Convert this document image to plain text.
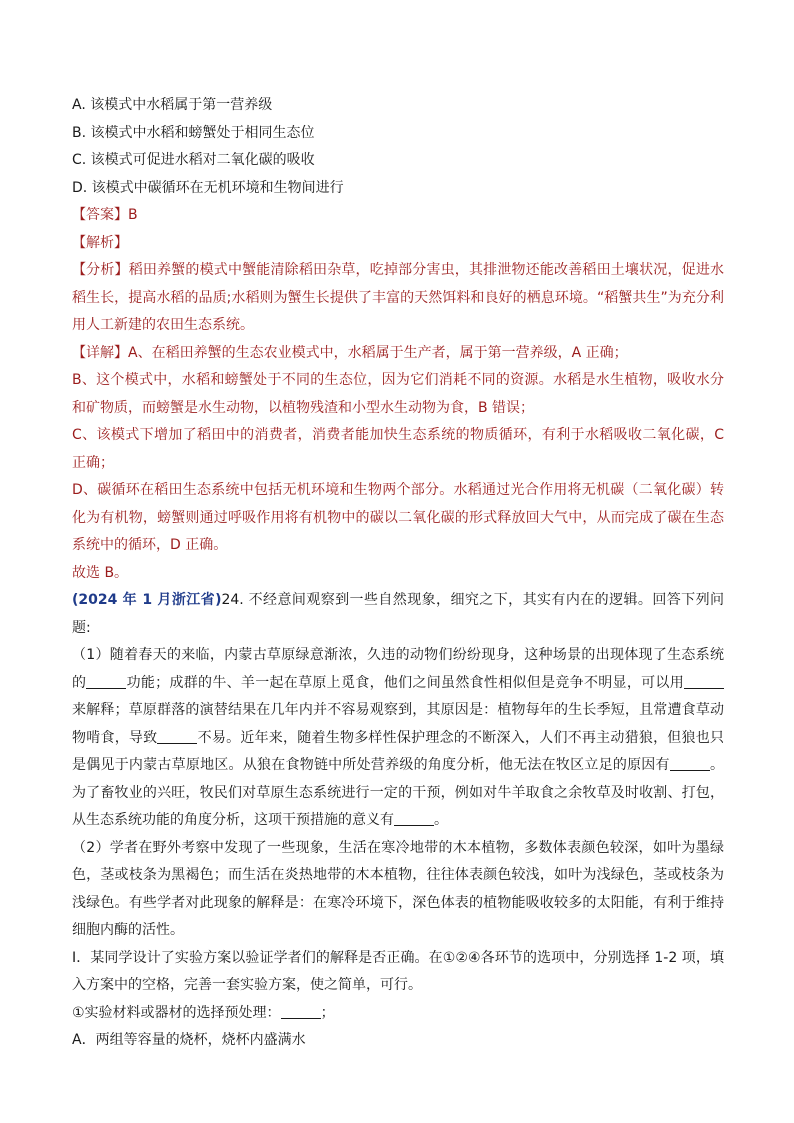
A. 该模式中水稻属于第一营养级

B. 该模式中水稻和螃蟹处于相同生态位

C. 该模式可促进水稻对二氧化碳的吸收

D. 该模式中碳循环在无机环境和生物间进行

【答案】B

【解析】

【分析】稻田养蟹的模式中蟹能清除稻田杂草，吃掉部分害虫，其排泄物还能改善稻田土壤状况，促进水稻生长，提高水稻的品质;水稻则为蟹生长提供了丰富的天然饵料和良好的栖息环境。“稻蟹共生”为充分利用人工新建的农田生态系统。

【详解】A、在稻田养蟹的生态农业模式中，水稻属于生产者，属于第一营养级，A 正确；

B、这个模式中，水稻和螃蟹处于不同的生态位，因为它们消耗不同的资源。水稻是水生植物，吸收水分和矿物质，而螃蟹是水生动物，以植物残渣和小型水生动物为食，B 错误；

C、该模式下增加了稻田中的消费者，消费者能加快生态系统的物质循环，有利于水稻吸收二氧化碳，C 正确；

D、碳循环在稻田生态系统中包括无机环境和生物两个部分。水稻通过光合作用将无机碳（二氧化碳）转化为有机物，螃蟹则通过呼吸作用将有机物中的碳以二氧化碳的形式释放回大气中，从而完成了碳在生态系统中的循环，D 正确。

故选 B。

(2024 年 1 月浙江省)24. 不经意间观察到一些自然现象，细究之下，其实有内在的逻辑。回答下列问题:

（1）随着春天的来临，内蒙古草原绿意渐浓，久违的动物们纷纷现身，这种场景的出现体现了生态系统的	功能；成群的牛、羊一起在草原上觅食，他们之间虽然食性相似但是竞争不明显，可以用来解释；草原群落的演替结果在几年内并不容易观察到，其原因是：植物每年的生长季短，且常遭食草动物啃食，导致	不易。近年来，随着生物多样性保护理念的不断深入，人们不再主动猎狼，但狼也只是偶见于内蒙古草原地区。从狼在食物链中所处营养级的角度分析，他无法在牧区立足的原因有	。为了畜牧业的兴旺，牧民们对草原生态系统进行一定的干预，例如对牛羊取食之余牧草及时收割、打包，从生态系统功能的角度分析，这项干预措施的意义有	。

（2）学者在野外考察中发现了一些现象，生活在寒冷地带的木本植物，多数体表颜色较深，如叶为墨绿色，茎或枝条为黑褐色；而生活在炎热地带的木本植物，往往体表颜色较浅，如叶为浅绿色，茎或枝条为浅绿色。有些学者对此现象的解释是：在寒冷环境下，深色体表的植物能吸收较多的太阳能，有利于维持细胞内酶的活性。

Ⅰ．某同学设计了实验方案以验证学者们的解释是否正确。在①②④各环节的选项中，分别选择 1-2 项，填入方案中的空格，完善一套实验方案，使之简单，可行。

①实验材料或器材的选择预处理：	；

A．两组等容量的烧杯，烧杯内盛满水
